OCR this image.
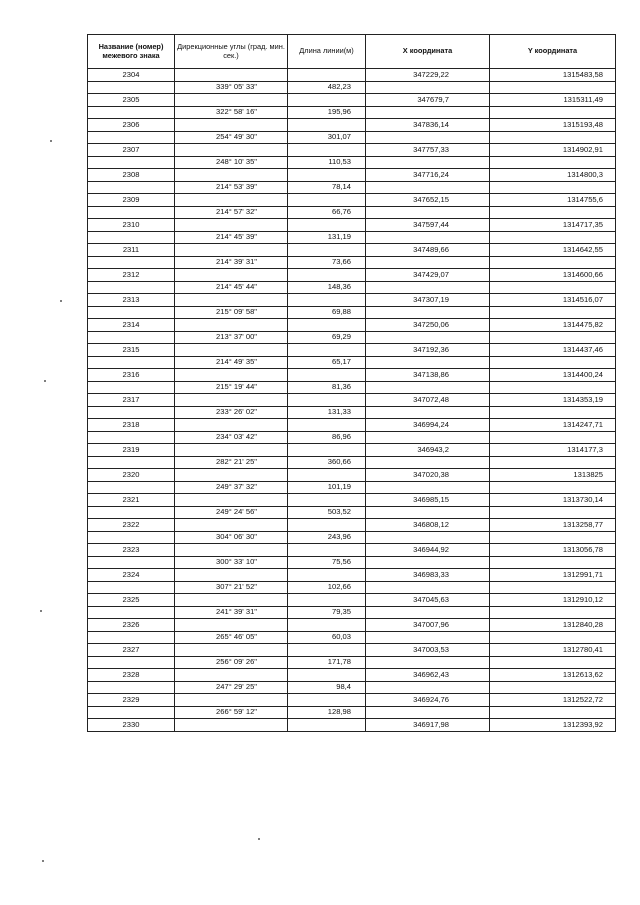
Название (номер) межевого знака	Дирекционные углы (град. мин. сек.)	Длина линии(м)	X координата	Y координата
2304			347229,22	1315483,58
	339° 05' 33"	482,23		
2305			347679,7	1315311,49
	322° 58' 16"	195,96		
2306			347836,14	1315193,48
	254° 49' 30"	301,07		
2307			347757,33	1314902,91
	248° 10' 35"	110,53		
2308			347716,24	1314800,3
	214° 53' 39"	78,14		
2309			347652,15	1314755,6
	214° 57' 32"	66,76		
2310			347597,44	1314717,35
	214° 45' 39"	131,19		
2311			347489,66	1314642,55
	214° 39' 31"	73,66		
2312			347429,07	1314600,66
	214° 45' 44"	148,36		
2313			347307,19	1314516,07
	215° 09' 58"	69,88		
2314			347250,06	1314475,82
	213° 37' 00"	69,29		
2315			347192,36	1314437,46
	214° 49' 35"	65,17		
2316			347138,86	1314400,24
	215° 19' 44"	81,36		
2317			347072,48	1314353,19
	233° 26' 02"	131,33		
2318			346994,24	1314247,71
	234° 03' 42"	86,96		
2319			346943,2	1314177,3
	282° 21' 25"	360,66		
2320			347020,38	1313825
	249° 37' 32"	101,19		
2321			346985,15	1313730,14
	249° 24' 56"	503,52		
2322			346808,12	1313258,77
	304° 06' 30"	243,96		
2323			346944,92	1313056,78
	300° 33' 10"	75,56		
2324			346983,33	1312991,71
	307° 21' 52"	102,66		
2325			347045,63	1312910,12
	241° 39' 31"	79,35		
2326			347007,96	1312840,28
	265° 46' 05"	60,03		
2327			347003,53	1312780,41
	256° 09' 26"	171,78		
2328			346962,43	1312613,62
	247° 29' 25"	98,4		
2329			346924,76	1312522,72
	266° 59' 12"	128,98		
2330			346917,98	1312393,92
